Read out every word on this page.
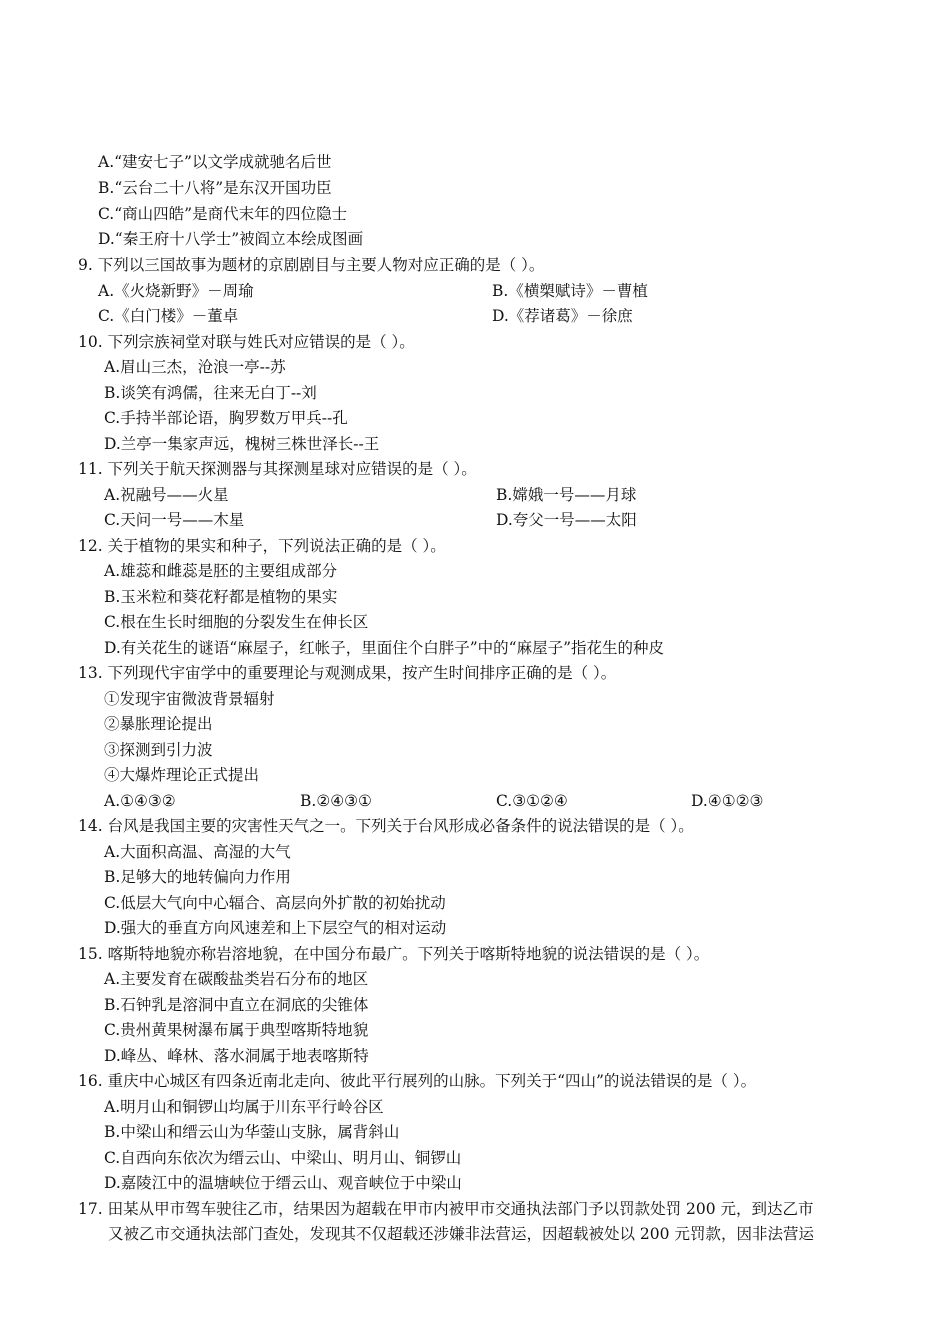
A.“建安七子”以文学成就驰名后世
B.“云台二十八将”是东汉开国功臣
C.“商山四皓”是商代末年的四位隐士
D.“秦王府十八学士”被阎立本绘成图画
9. 下列以三国故事为题材的京剧剧目与主要人物对应正确的是（ ）。
A.《火烧新野》－周瑜	B.《横槊赋诗》－曹植
C.《白门楼》－董卓	D.《荐诸葛》－徐庶
10. 下列宗族祠堂对联与姓氏对应错误的是（ ）。
A.眉山三杰，沧浪一亭--苏
B.谈笑有鸿儒，往来无白丁--刘
C.手持半部论语，胸罗数万甲兵--孔
D.兰亭一集家声远，槐树三株世泽长--王
11. 下列关于航天探测器与其探测星球对应错误的是（ ）。
A.祝融号——火星	B.嫦娥一号——月球
C.天问一号——木星	D.夸父一号——太阳
12. 关于植物的果实和种子，下列说法正确的是（ ）。
A.雄蕊和雌蕊是胚的主要组成部分
B.玉米粒和葵花籽都是植物的果实
C.根在生长时细胞的分裂发生在伸长区
D.有关花生的谜语“麻屋子，红帐子，里面住个白胖子”中的“麻屋子”指花生的种皮
13. 下列现代宇宙学中的重要理论与观测成果，按产生时间排序正确的是（ ）。
①发现宇宙微波背景辐射
②暴胀理论提出
③探测到引力波
④大爆炸理论正式提出
A.①④③②	B.②④③①	C.③①②④	D.④①②③
14. 台风是我国主要的灾害性天气之一。下列关于台风形成必备条件的说法错误的是（ ）。
A.大面积高温、高湿的大气
B.足够大的地转偏向力作用
C.低层大气向中心辐合、高层向外扩散的初始扰动
D.强大的垂直方向风速差和上下层空气的相对运动
15. 喀斯特地貌亦称岩溶地貌，在中国分布最广。下列关于喀斯特地貌的说法错误的是（ ）。
A.主要发育在碳酸盐类岩石分布的地区
B.石钟乳是溶洞中直立在洞底的尖锥体
C.贵州黄果树瀑布属于典型喀斯特地貌
D.峰丛、峰林、落水洞属于地表喀斯特
16. 重庆中心城区有四条近南北走向、彼此平行展列的山脉。下列关于“四山”的说法错误的是（ ）。
A.明月山和铜锣山均属于川东平行岭谷区
B.中梁山和缙云山为华蓥山支脉，属背斜山
C.自西向东依次为缙云山、中梁山、明月山、铜锣山
D.嘉陵江中的温塘峡位于缙云山、观音峡位于中梁山
17. 田某从甲市驾车驶往乙市，结果因为超载在甲市内被甲市交通执法部门予以罚款处罚 200 元，到达乙市
又被乙市交通执法部门查处，发现其不仅超载还涉嫌非法营运，因超载被处以 200 元罚款，因非法营运
